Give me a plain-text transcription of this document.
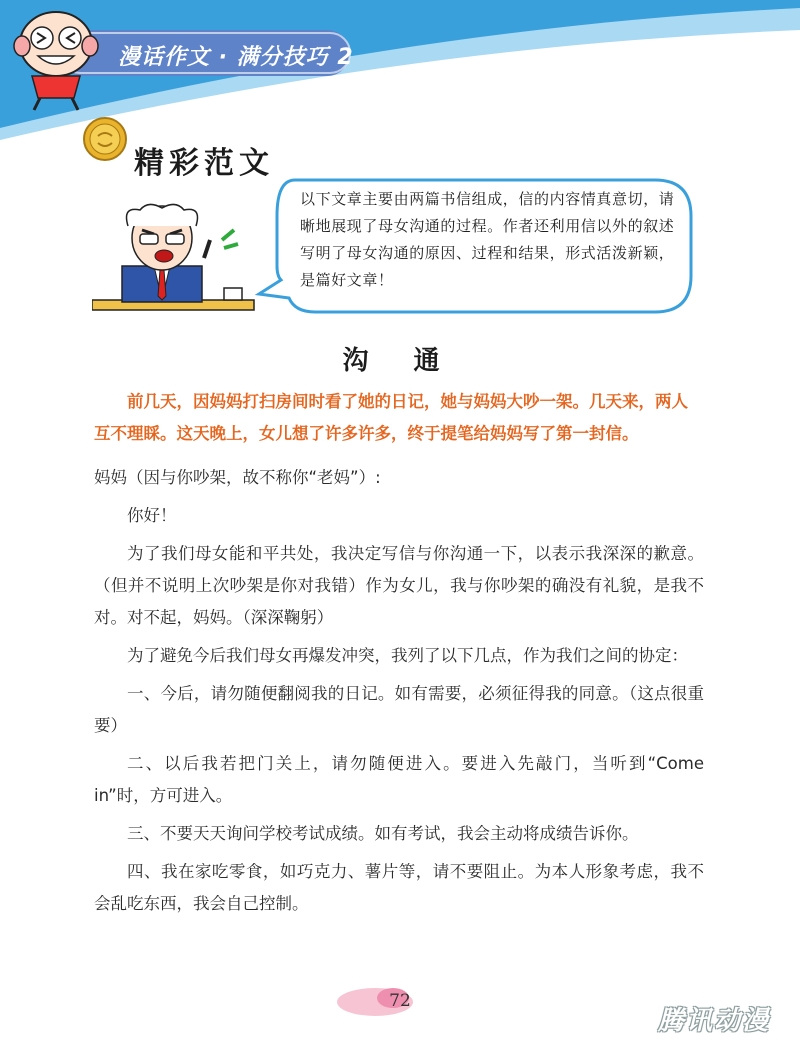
漫话作文 · 满分技巧 2
精彩范文
以下文章主要由两篇书信组成，信的内容情真意切，请晰地展现了母女沟通的过程。作者还利用信以外的叙述写明了母女沟通的原因、过程和结果，形式活泼新颖，是篇好文章！
沟 通
前几天，因妈妈打扫房间时看了她的日记，她与妈妈大吵一架。几天来，两人互不理睬。这天晚上，女儿想了许多许多，终于提笔给妈妈写了第一封信。

妈妈（因与你吵架，故不称你“老妈”）:

你好！

为了我们母女能和平共处，我决定写信与你沟通一下，以表示我深深的歉意。（但并不说明上次吵架是你对我错）作为女儿，我与你吵架的确没有礼貌，是我不对。对不起，妈妈。（深深鞠躬）

为了避免今后我们母女再爆发冲突，我列了以下几点，作为我们之间的协定：

一、今后，请勿随便翻阅我的日记。如有需要，必须征得我的同意。（这点很重要）

二、以后我若把门关上，请勿随便进入。要进入先敲门，当听到“Come in”时，方可进入。

三、不要天天询问学校考试成绩。如有考试，我会主动将成绩告诉你。

四、我在家吃零食，如巧克力、薯片等，请不要阻止。为本人形象考虑，我不会乱吃东西，我会自己控制。

72
腾讯动漫
